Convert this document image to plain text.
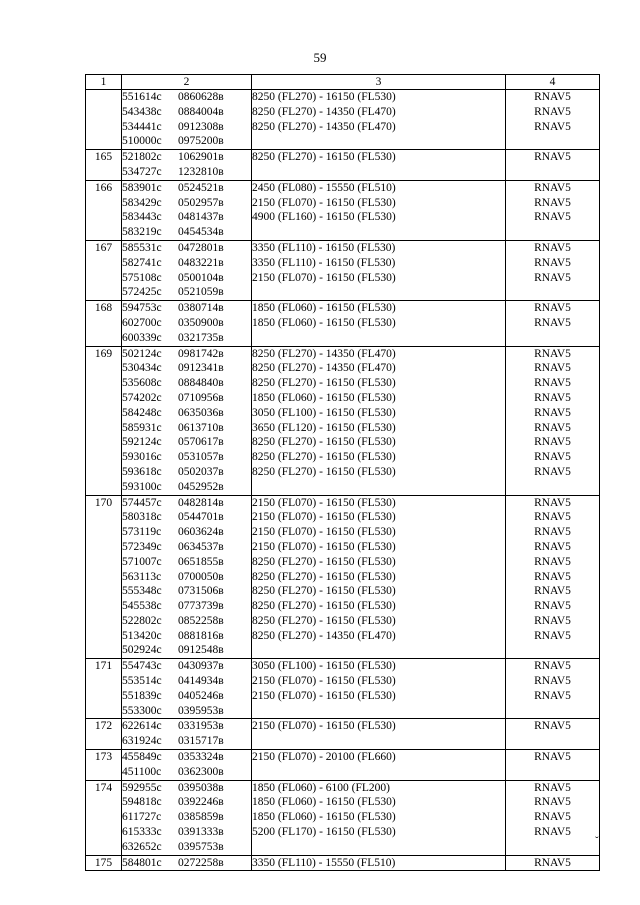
59
1	2	3	4
	551614с 0860628в	8250 (FL270) - 16150 (FL530)	RNAV5
	543438с 0884004в	8250 (FL270) - 14350 (FL470)	RNAV5
	534441с 0912308в	8250 (FL270) - 14350 (FL470)	RNAV5
	510000с 0975200в		
165	521802с 1062901в	8250 (FL270) - 16150 (FL530)	RNAV5
	534727с 1232810в		
166	583901с 0524521в	2450 (FL080) - 15550 (FL510)	RNAV5
	583429с 0502957в	2150 (FL070) - 16150 (FL530)	RNAV5
	583443с 0481437в	4900 (FL160) - 16150 (FL530)	RNAV5
	583219с 0454534в		
167	585531с 0472801в	3350 (FL110) - 16150 (FL530)	RNAV5
	582741с 0483221в	3350 (FL110) - 16150 (FL530)	RNAV5
	575108с 0500104в	2150 (FL070) - 16150 (FL530)	RNAV5
	572425с 0521059в		
168	594753с 0380714в	1850 (FL060) - 16150 (FL530)	RNAV5
	602700с 0350900в	1850 (FL060) - 16150 (FL530)	RNAV5
	600339с 0321735в		
169	502124с 0981742в	8250 (FL270) - 14350 (FL470)	RNAV5
	530434с 0912341в	8250 (FL270) - 14350 (FL470)	RNAV5
	535608с 0884840в	8250 (FL270) - 16150 (FL530)	RNAV5
	574202с 0710956в	1850 (FL060) - 16150 (FL530)	RNAV5
	584248с 0635036в	3050 (FL100) - 16150 (FL530)	RNAV5
	585931с 0613710в	3650 (FL120) - 16150 (FL530)	RNAV5
	592124с 0570617в	8250 (FL270) - 16150 (FL530)	RNAV5
	593016с 0531057в	8250 (FL270) - 16150 (FL530)	RNAV5
	593618с 0502037в	8250 (FL270) - 16150 (FL530)	RNAV5
	593100с 0452952в		
170	574457с 0482814в	2150 (FL070) - 16150 (FL530)	RNAV5
	580318с 0544701в	2150 (FL070) - 16150 (FL530)	RNAV5
	573119с 0603624в	2150 (FL070) - 16150 (FL530)	RNAV5
	572349с 0634537в	2150 (FL070) - 16150 (FL530)	RNAV5
	571007с 0651855в	8250 (FL270) - 16150 (FL530)	RNAV5
	563113с 0700050в	8250 (FL270) - 16150 (FL530)	RNAV5
	555348с 0731506в	8250 (FL270) - 16150 (FL530)	RNAV5
	545538с 0773739в	8250 (FL270) - 16150 (FL530)	RNAV5
	522802с 0852258в	8250 (FL270) - 16150 (FL530)	RNAV5
	513420с 0881816в	8250 (FL270) - 14350 (FL470)	RNAV5
	502924с 0912548в		
171	554743с 0430937в	3050 (FL100) - 16150 (FL530)	RNAV5
	553514с 0414934в	2150 (FL070) - 16150 (FL530)	RNAV5
	551839с 0405246в	2150 (FL070) - 16150 (FL530)	RNAV5
	553300с 0395953в		
172	622614с 0331953в	2150 (FL070) - 16150 (FL530)	RNAV5
	631924с 0315717в		
173	455849с 0353324в	2150 (FL070) - 20100 (FL660)	RNAV5
	451100с 0362300в		
174	592955с 0395038в	1850 (FL060) - 6100 (FL200)	RNAV5
	594818с 0392246в	1850 (FL060) - 16150 (FL530)	RNAV5
	611727с 0385859в	1850 (FL060) - 16150 (FL530)	RNAV5
	615333с 0391333в	5200 (FL170) - 16150 (FL530)	RNAV5
	632652с 0395753в		
175	584801с 0272258в	3350 (FL110) - 15550 (FL510)	RNAV5
ˇ
